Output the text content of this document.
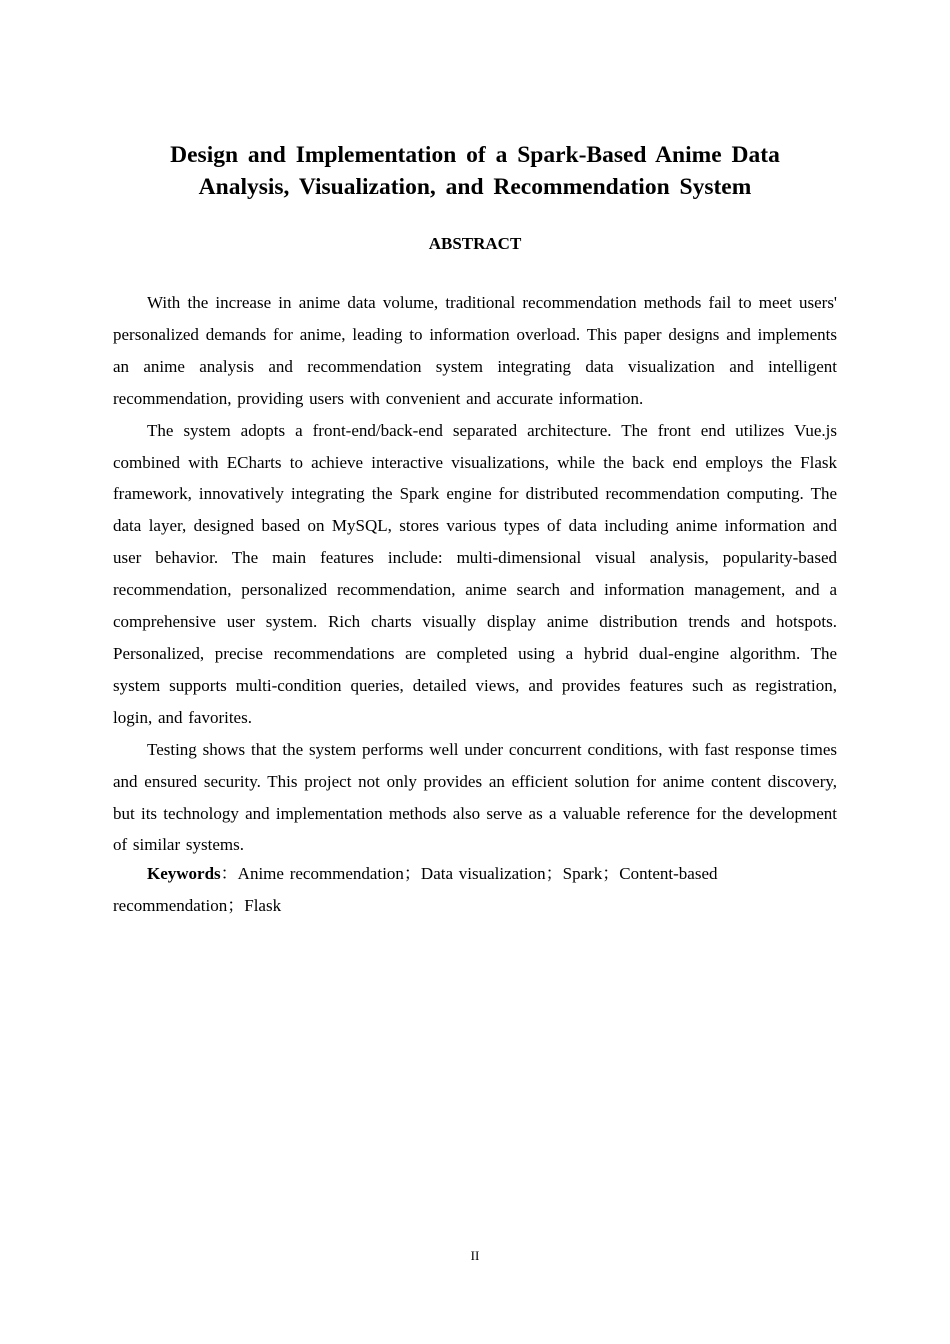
Design and Implementation of a Spark-Based Anime Data Analysis, Visualization, and Recommendation System
ABSTRACT

With the increase in anime data volume, traditional recommendation methods fail to meet users' personalized demands for anime, leading to information overload. This paper designs and implements an anime analysis and recommendation system integrating data visualization and intelligent recommendation, providing users with convenient and accurate information.

The system adopts a front-end/back-end separated architecture. The front end utilizes Vue.js combined with ECharts to achieve interactive visualizations, while the back end employs the Flask framework, innovatively integrating the Spark engine for distributed recommendation computing. The data layer, designed based on MySQL, stores various types of data including anime information and user behavior. The main features include: multi-dimensional visual analysis, popularity-based recommendation, personalized recommendation, anime search and information management, and a comprehensive user system. Rich charts visually display anime distribution trends and hotspots. Personalized, precise recommendations are completed using a hybrid dual-engine algorithm. The system supports multi-condition queries, detailed views, and provides features such as registration, login, and favorites.

Testing shows that the system performs well under concurrent conditions, with fast response times and ensured security. This project not only provides an efficient solution for anime content discovery, but its technology and implementation methods also serve as a valuable reference for the development of similar systems.

Keywords：Anime recommendation；Data visualization；Spark；Content-based recommendation；Flask

II
